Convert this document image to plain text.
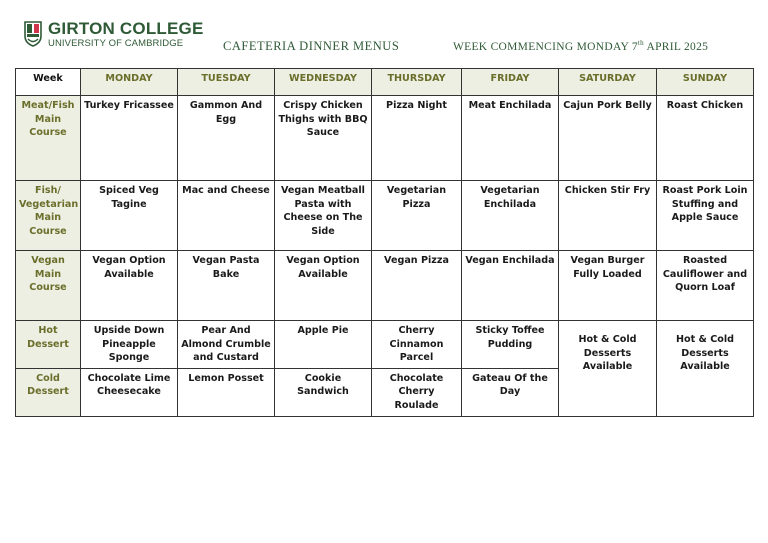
GIRTON COLLEGE
UNIVERSITY OF CAMBRIDGE	CAFETERIA DINNER MENUS	WEEK COMMENCING MONDAY 7th APRIL 2025
Week	MONDAY	TUESDAY	WEDNESDAY	THURSDAY	FRIDAY	SATURDAY	SUNDAY
Meat/Fish Main Course	Turkey Fricassee	Gammon And Egg	Crispy Chicken Thighs with BBQ Sauce	Pizza Night	Meat Enchilada	Cajun Pork Belly	Roast Chicken
Fish/ Vegetarian Main Course	Spiced Veg Tagine	Mac and Cheese	Vegan Meatball Pasta with Cheese on The Side	Vegetarian Pizza	Vegetarian Enchilada	Chicken Stir Fry	Roast Pork Loin Stuffing and Apple Sauce
Vegan Main Course	Vegan Option Available	Vegan Pasta Bake	Vegan Option Available	Vegan Pizza	Vegan Enchilada	Vegan Burger Fully Loaded	Roasted Cauliflower and Quorn Loaf
Hot Dessert	Upside Down Pineapple Sponge	Pear And Almond Crumble and Custard	Apple Pie	Cherry Cinnamon Parcel	Sticky Toffee Pudding	Hot & Cold Desserts Available	Hot & Cold Desserts Available
Cold Dessert	Chocolate Lime Cheesecake	Lemon Posset	Cookie Sandwich	Chocolate Cherry Roulade	Gateau Of the Day		
